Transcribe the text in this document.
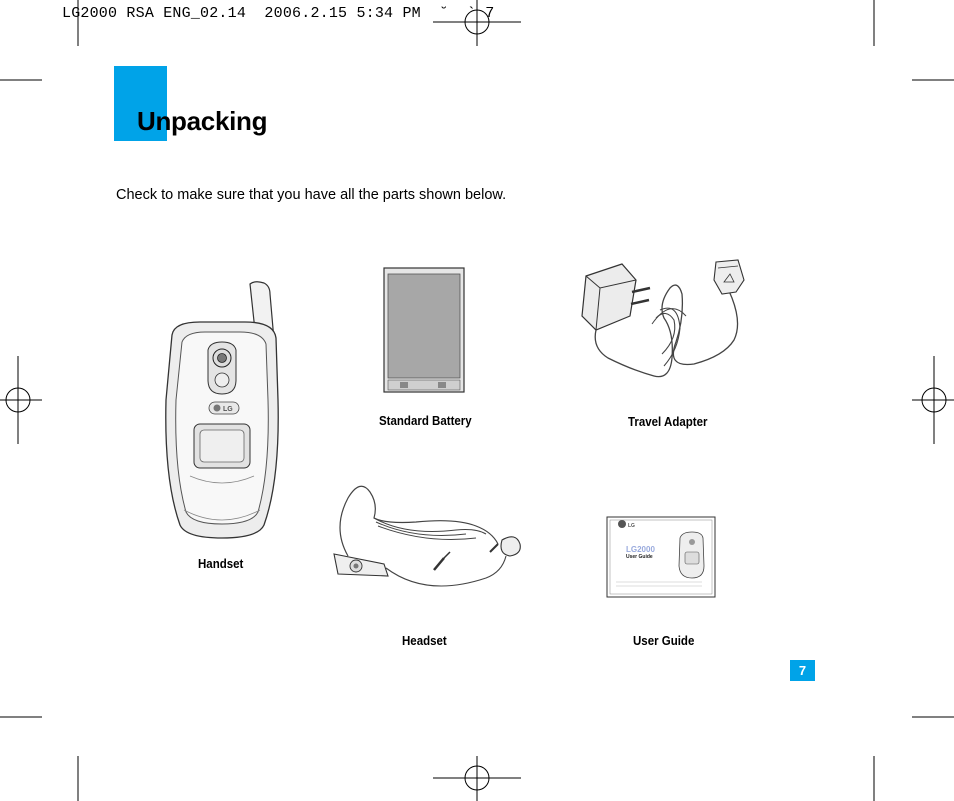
LG2000 RSA ENG_02.14  2006.2.15 5:34 PM  ˘  ` 7
Unpacking
Check to make sure that you have all the parts shown below.
LG
LG
LG2000
User Guide
Handset
Standard Battery	Travel Adapter
Headset	User Guide
7
